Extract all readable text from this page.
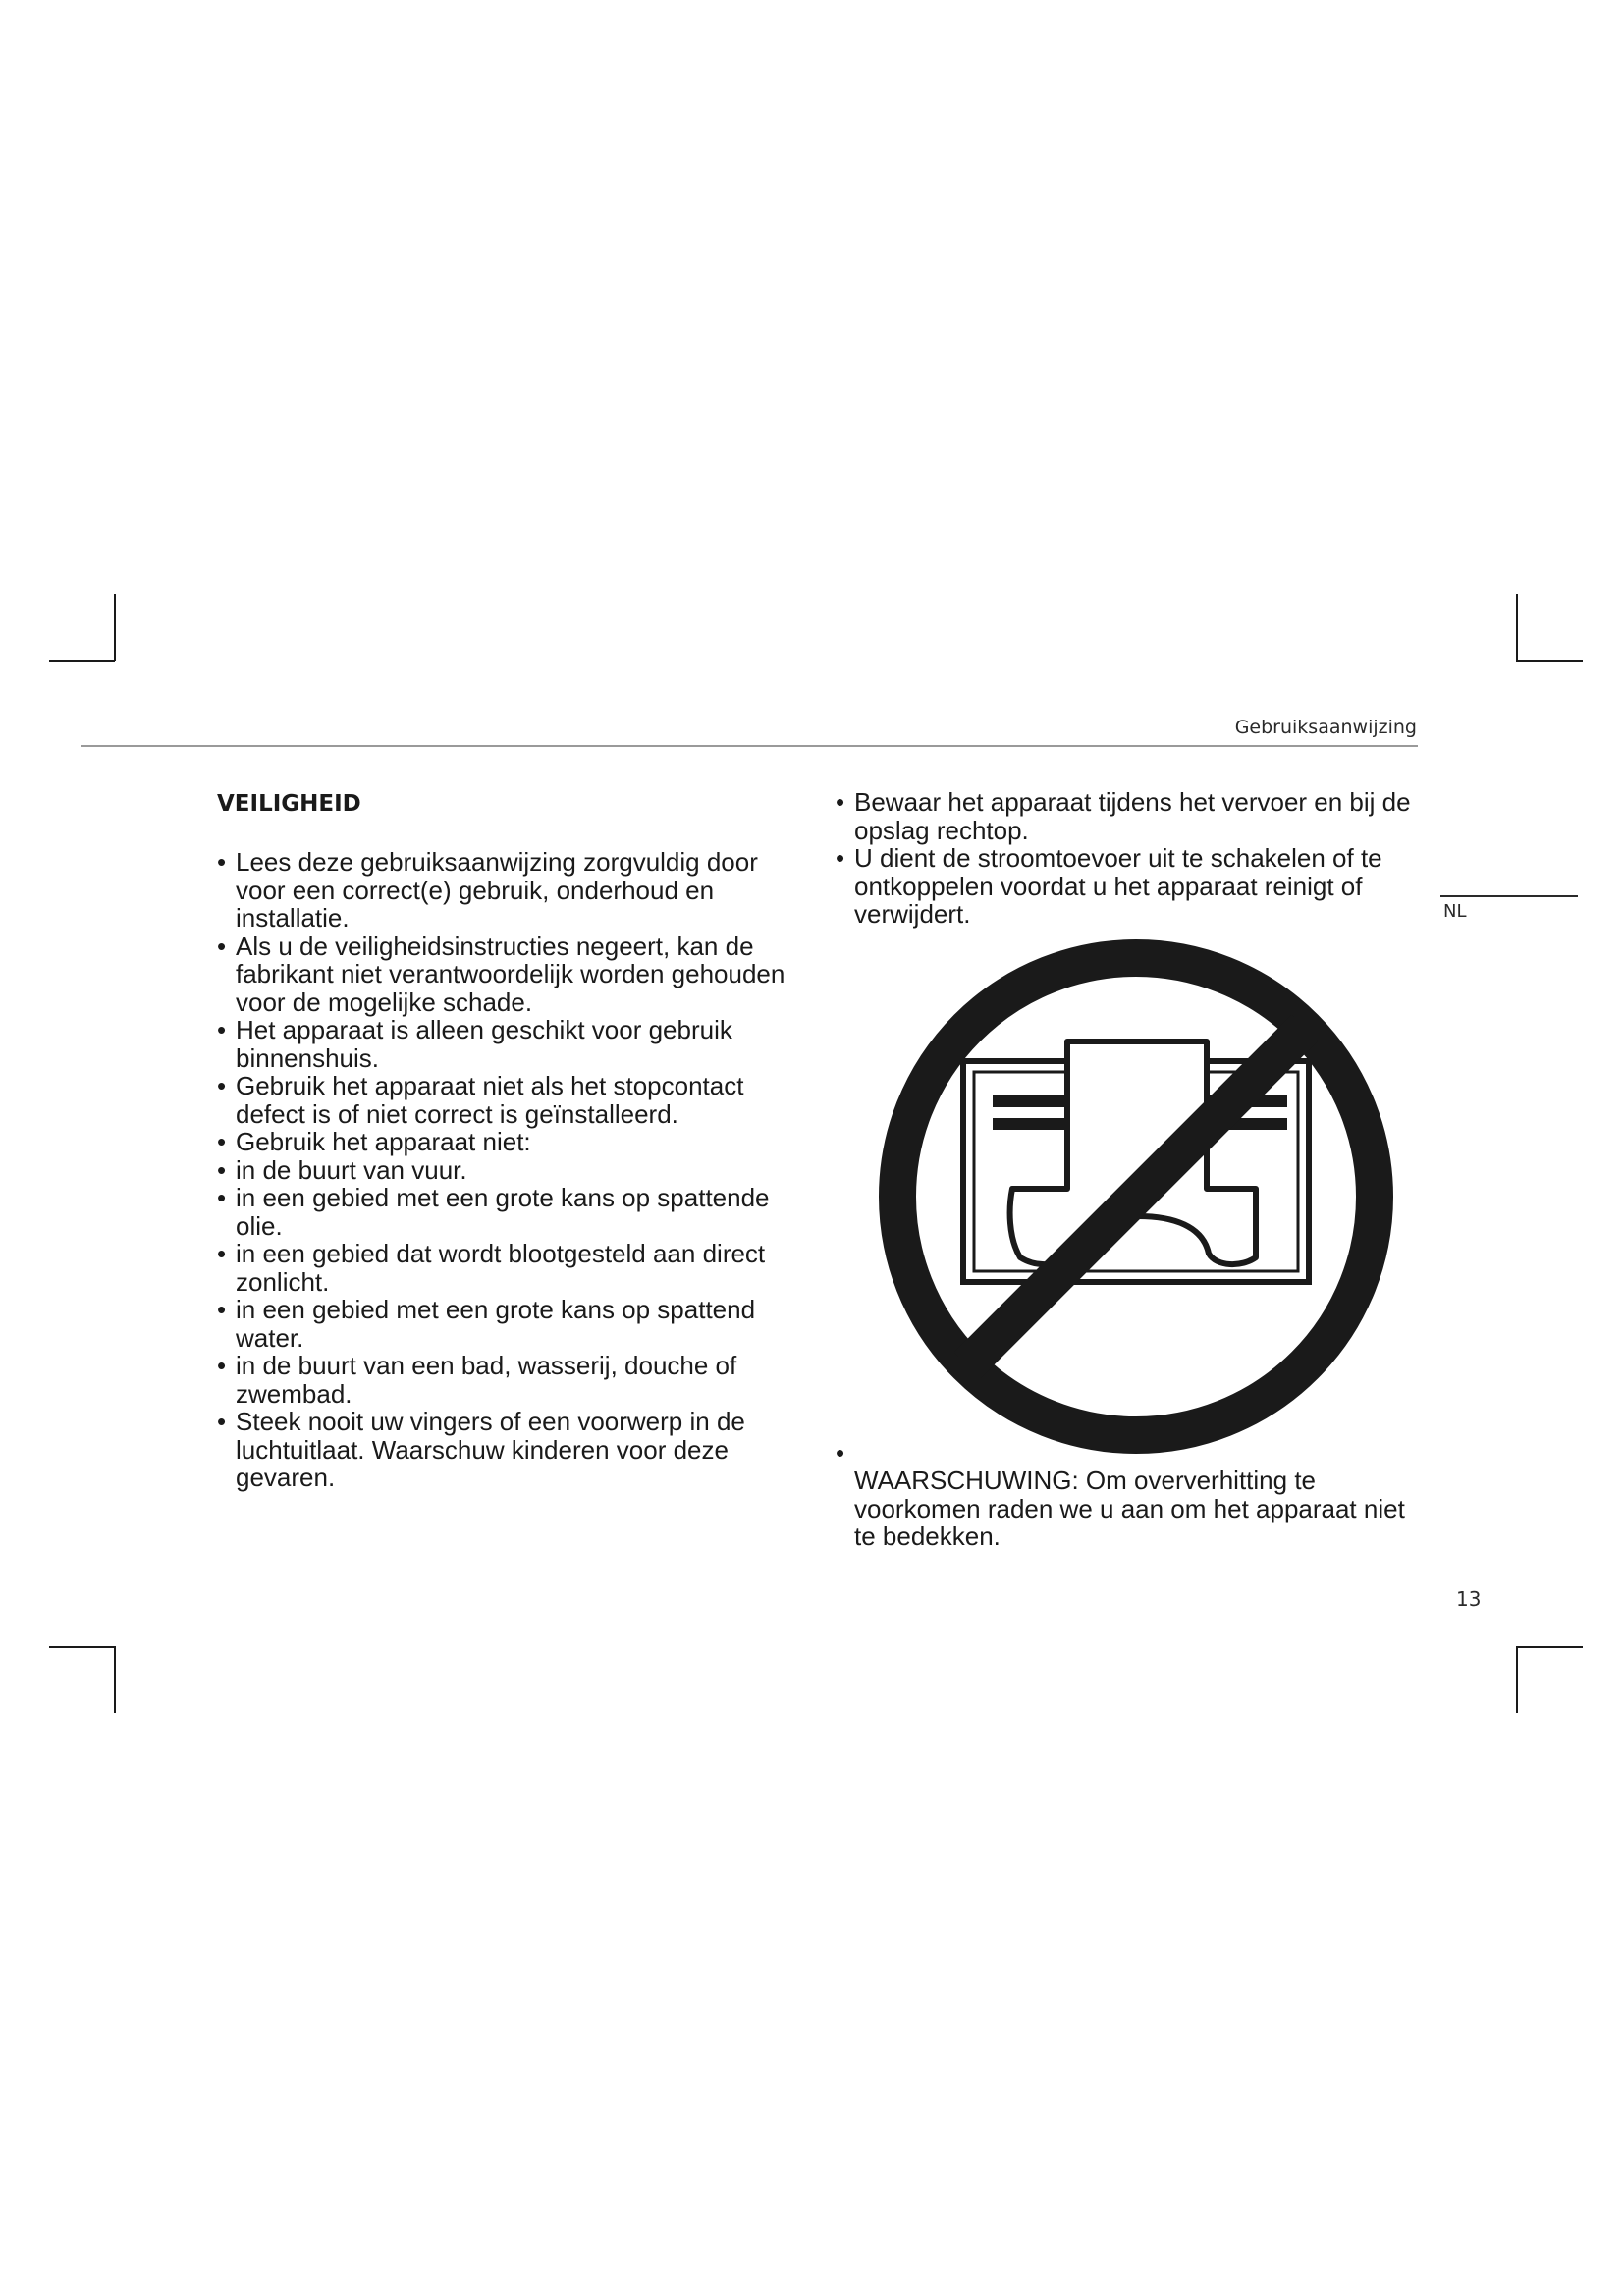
Gebruiksaanwijzing
NL
VEILIGHEID
• Lees deze gebruiksaanwijzing zorgvuldig door voor een correct(e) gebruik, onderhoud en installatie.
• Als u de veiligheidsinstructies negeert, kan de fabrikant niet verantwoordelijk worden gehouden voor de mogelijke schade.
• Het apparaat is alleen geschikt voor gebruik binnenshuis.
• Gebruik het apparaat niet als het stopcontact defect is of niet correct is geïnstalleerd.
• Gebruik het apparaat niet:
• in de buurt van vuur.
• in een gebied met een grote kans op spattende olie.
• in een gebied dat wordt blootgesteld aan direct zonlicht.
• in een gebied met een grote kans op spattend water.
• in de buurt van een bad, wasserij, douche of zwembad.
• Steek nooit uw vingers of een voorwerp in de luchtuitlaat. Waarschuw kinderen voor deze gevaren.
• Bewaar het apparaat tijdens het vervoer en bij de opslag rechtop.
• U dient de stroomtoevoer uit te schakelen of te ontkoppelen voordat u het apparaat reinigt of verwijdert.
•
WAARSCHUWING: Om oververhitting te voorkomen raden we u aan om het apparaat niet te bedekken.
13
